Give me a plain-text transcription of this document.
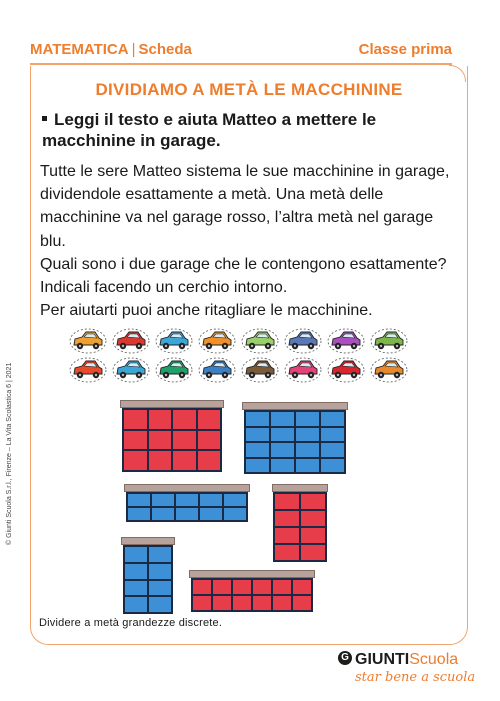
MATEMATICA | Scheda	Classe prima
DIVIDIAMO A METÀ LE MACCHININE
Leggi il testo e aiuta Matteo a mettere le macchinine in garage.

Tutte le sere Matteo sistema le sue macchinine in garage, dividendole esattamente a metà. Una metà delle macchinine va nel garage rosso, l’altra metà nel garage blu.

Quali sono i due garage che le contengono esattamente? Indicali facendo un cerchio intorno.

Per aiutarti puoi anche ritagliare le macchinine.

Dividere a metà grandezze discrete.
© Giunti Scuola S.r.l., Firenze – La Vita Scolastica 6 | 2021
G GIUNTIScuola
star bene a scuola
